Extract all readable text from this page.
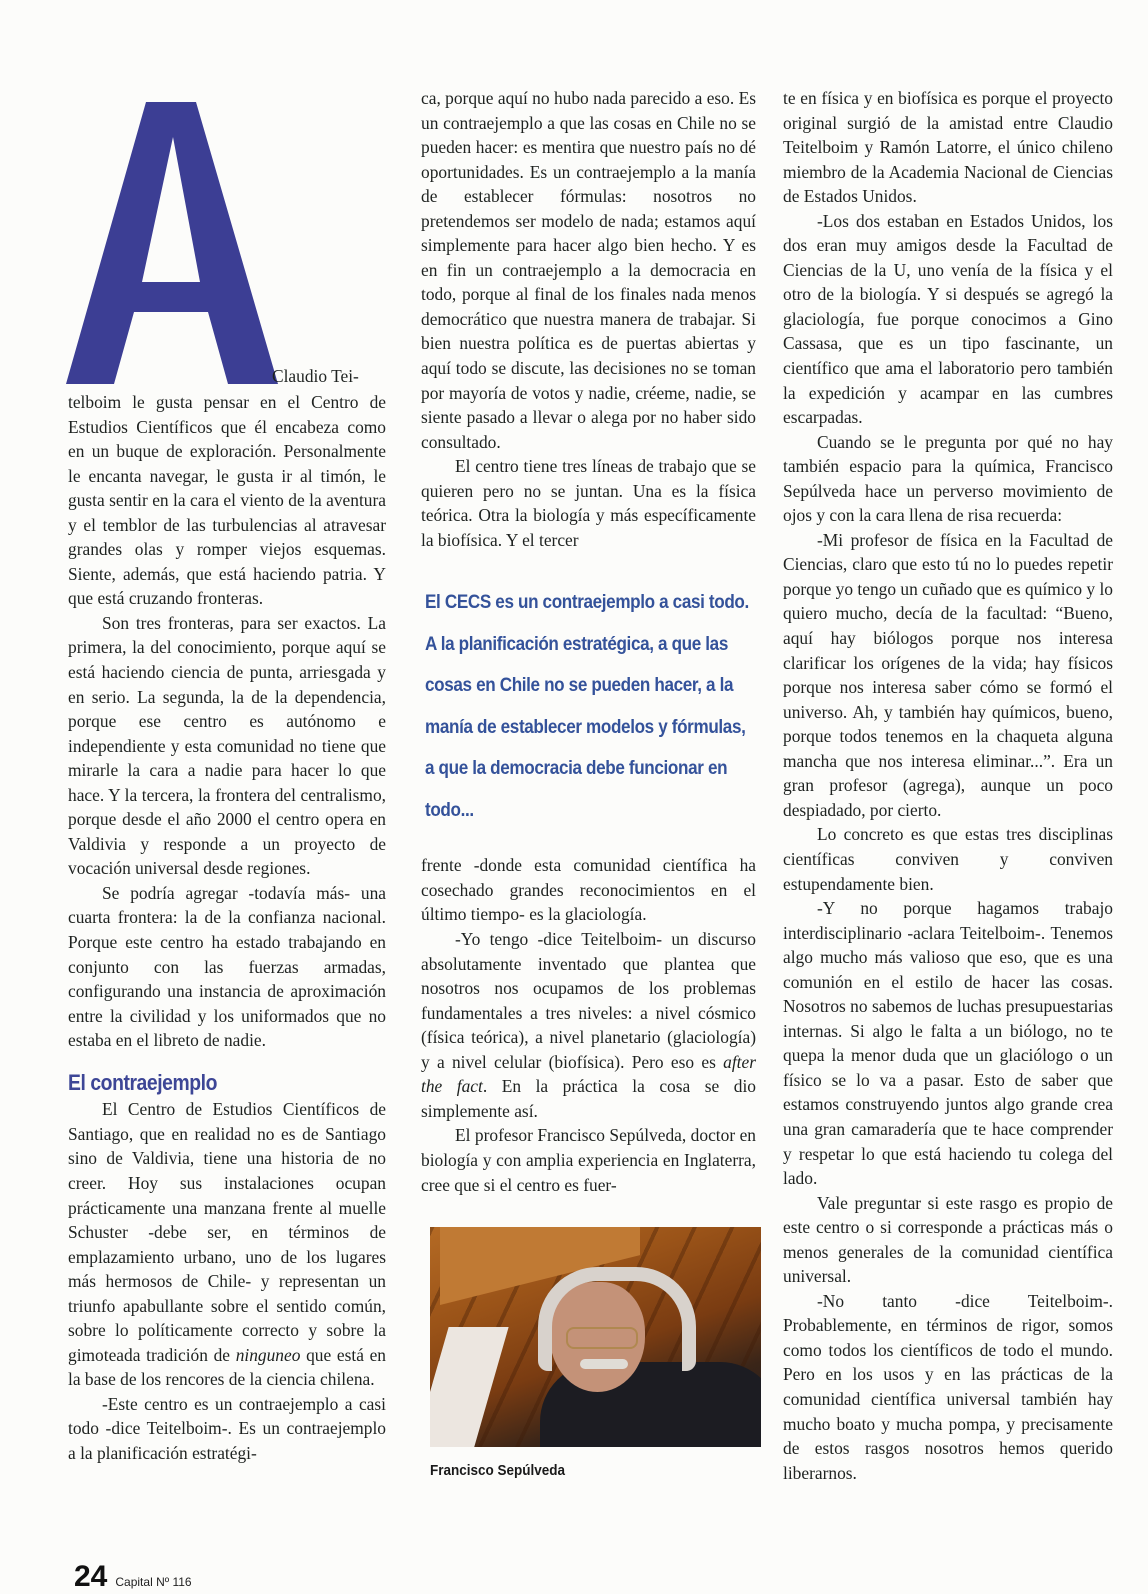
Claudio Tei-

telboim le gusta pensar en el Centro de Estudios Científicos que él encabeza como en un buque de exploración. Personalmente le encanta navegar, le gusta ir al timón, le gusta sentir en la cara el viento de la aventura y el temblor de las turbulencias al atravesar grandes olas y romper viejos esquemas. Siente, además, que está haciendo patria. Y que está cruzando fronteras.

Son tres fronteras, para ser exactos. La primera, la del conocimiento, porque aquí se está haciendo ciencia de punta, arriesgada y en serio. La segunda, la de la dependencia, porque ese centro es autónomo e independiente y esta comunidad no tiene que mirarle la cara a nadie para hacer lo que hace. Y la tercera, la frontera del centralismo, porque desde el año 2000 el centro opera en Valdivia y responde a un proyecto de vocación universal desde regiones.

Se podría agregar -todavía más- una cuarta frontera: la de la confianza nacional. Porque este centro ha estado trabajando en conjunto con las fuerzas armadas, configurando una instancia de aproximación entre la civilidad y los uniformados que no estaba en el libreto de nadie.

El contraejemplo

El Centro de Estudios Científicos de Santiago, que en realidad no es de Santiago sino de Valdivia, tiene una historia de no creer. Hoy sus instalaciones ocupan prácticamente una manzana frente al muelle Schuster -debe ser, en términos de emplazamiento urbano, uno de los lugares más hermosos de Chile- y representan un triunfo apabullante sobre el sentido común, sobre lo políticamente correcto y sobre la gimoteada tradición de ninguneo que está en la base de los rencores de la ciencia chilena.

-Este centro es un contraejemplo a casi todo -dice Teitelboim-. Es un contraejemplo a la planificación estratégi-

ca, porque aquí no hubo nada parecido a eso. Es un contraejemplo a que las cosas en Chile no se pueden hacer: es mentira que nuestro país no dé oportunidades. Es un contraejemplo a la manía de establecer fórmulas: nosotros no pretendemos ser modelo de nada; estamos aquí simplemente para hacer algo bien hecho. Y es en fin un contraejemplo a la democracia en todo, porque al final de los finales nada menos democrático que nuestra manera de trabajar. Si bien nuestra política es de puertas abiertas y aquí todo se discute, las decisiones no se toman por mayoría de votos y nadie, créeme, nadie, se siente pasado a llevar o alega por no haber sido consultado.

El centro tiene tres líneas de trabajo que se quieren pero no se juntan. Una es la física teórica. Otra la biología y más específicamente la biofísica. Y el tercer

El CECS es un contraejemplo a casi todo. A la planificación estratégica, a que las cosas en Chile no se pueden hacer, a la manía de establecer modelos y fórmulas, a que la democracia debe funcionar en todo...

frente -donde esta comunidad científica ha cosechado grandes reconocimientos en el último tiempo- es la glaciología.

-Yo tengo -dice Teitelboim- un discurso absolutamente inventado que plantea que nosotros nos ocupamos de los problemas fundamentales a tres niveles: a nivel cósmico (física teórica), a nivel planetario (glaciología) y a nivel celular (biofísica). Pero eso es after the fact. En la práctica la cosa se dio simplemente así.

El profesor Francisco Sepúlveda, doctor en biología y con amplia experiencia en Inglaterra, cree que si el centro es fuer-

Francisco Sepúlveda

te en física y en biofísica es porque el proyecto original surgió de la amistad entre Claudio Teitelboim y Ramón Latorre, el único chileno miembro de la Academia Nacional de Ciencias de Estados Unidos.

-Los dos estaban en Estados Unidos, los dos eran muy amigos desde la Facultad de Ciencias de la U, uno venía de la física y el otro de la biología. Y si después se agregó la glaciología, fue porque conocimos a Gino Cassasa, que es un tipo fascinante, un científico que ama el laboratorio pero también la expedición y acampar en las cumbres escarpadas.

Cuando se le pregunta por qué no hay también espacio para la química, Francisco Sepúlveda hace un perverso movimiento de ojos y con la cara llena de risa recuerda:

-Mi profesor de física en la Facultad de Ciencias, claro que esto tú no lo puedes repetir porque yo tengo un cuñado que es químico y lo quiero mucho, decía de la facultad: “Bueno, aquí hay biólogos porque nos interesa clarificar los orígenes de la vida; hay físicos porque nos interesa saber cómo se formó el universo. Ah, y también hay químicos, bueno, porque todos tenemos en la chaqueta alguna mancha que nos interesa eliminar...”. Era un gran profesor (agrega), aunque un poco despiadado, por cierto.

Lo concreto es que estas tres disciplinas científicas conviven y conviven estupendamente bien.

-Y no porque hagamos trabajo interdisciplinario -aclara Teitelboim-. Tenemos algo mucho más valioso que eso, que es una comunión en el estilo de hacer las cosas. Nosotros no sabemos de luchas presupuestarias internas. Si algo le falta a un biólogo, no te quepa la menor duda que un glaciólogo o un físico se lo va a pasar. Esto de saber que estamos construyendo juntos algo grande crea una gran camaradería que te hace comprender y respetar lo que está haciendo tu colega del lado.

Vale preguntar si este rasgo es propio de este centro o si corresponde a prácticas más o menos generales de la comunidad científica universal.

-No tanto -dice Teitelboim-. Probablemente, en términos de rigor, somos como todos los científicos de todo el mundo. Pero en los usos y en las prácticas de la comunidad científica universal también hay mucho boato y mucha pompa, y precisamente de estos rasgos nosotros hemos querido liberarnos.

24 Capital Nº 116
